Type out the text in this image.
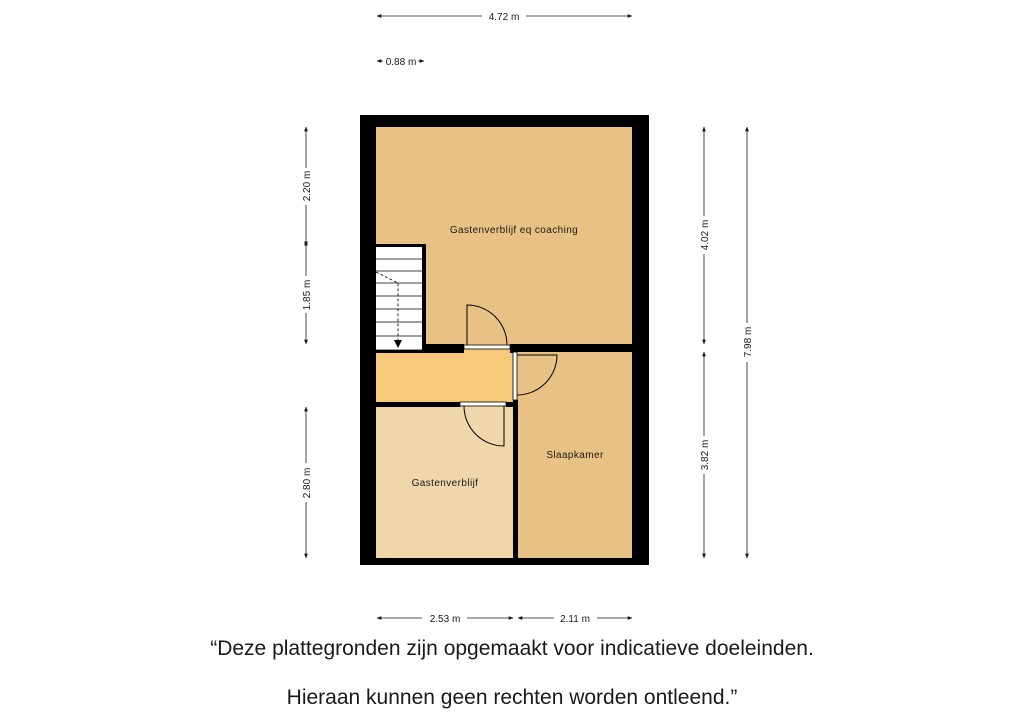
Gastenverblijf eq coaching
Slaapkamer
Gastenverblijf
4.72 m
0.88 m
2.20 m
1.85 m
2.80 m
4.02 m
3.82 m
7.98 m
2.53 m	2.11 m
“Deze plattegronden zijn opgemaakt voor indicatieve doeleinden.
Hieraan kunnen geen rechten worden ontleend.”
